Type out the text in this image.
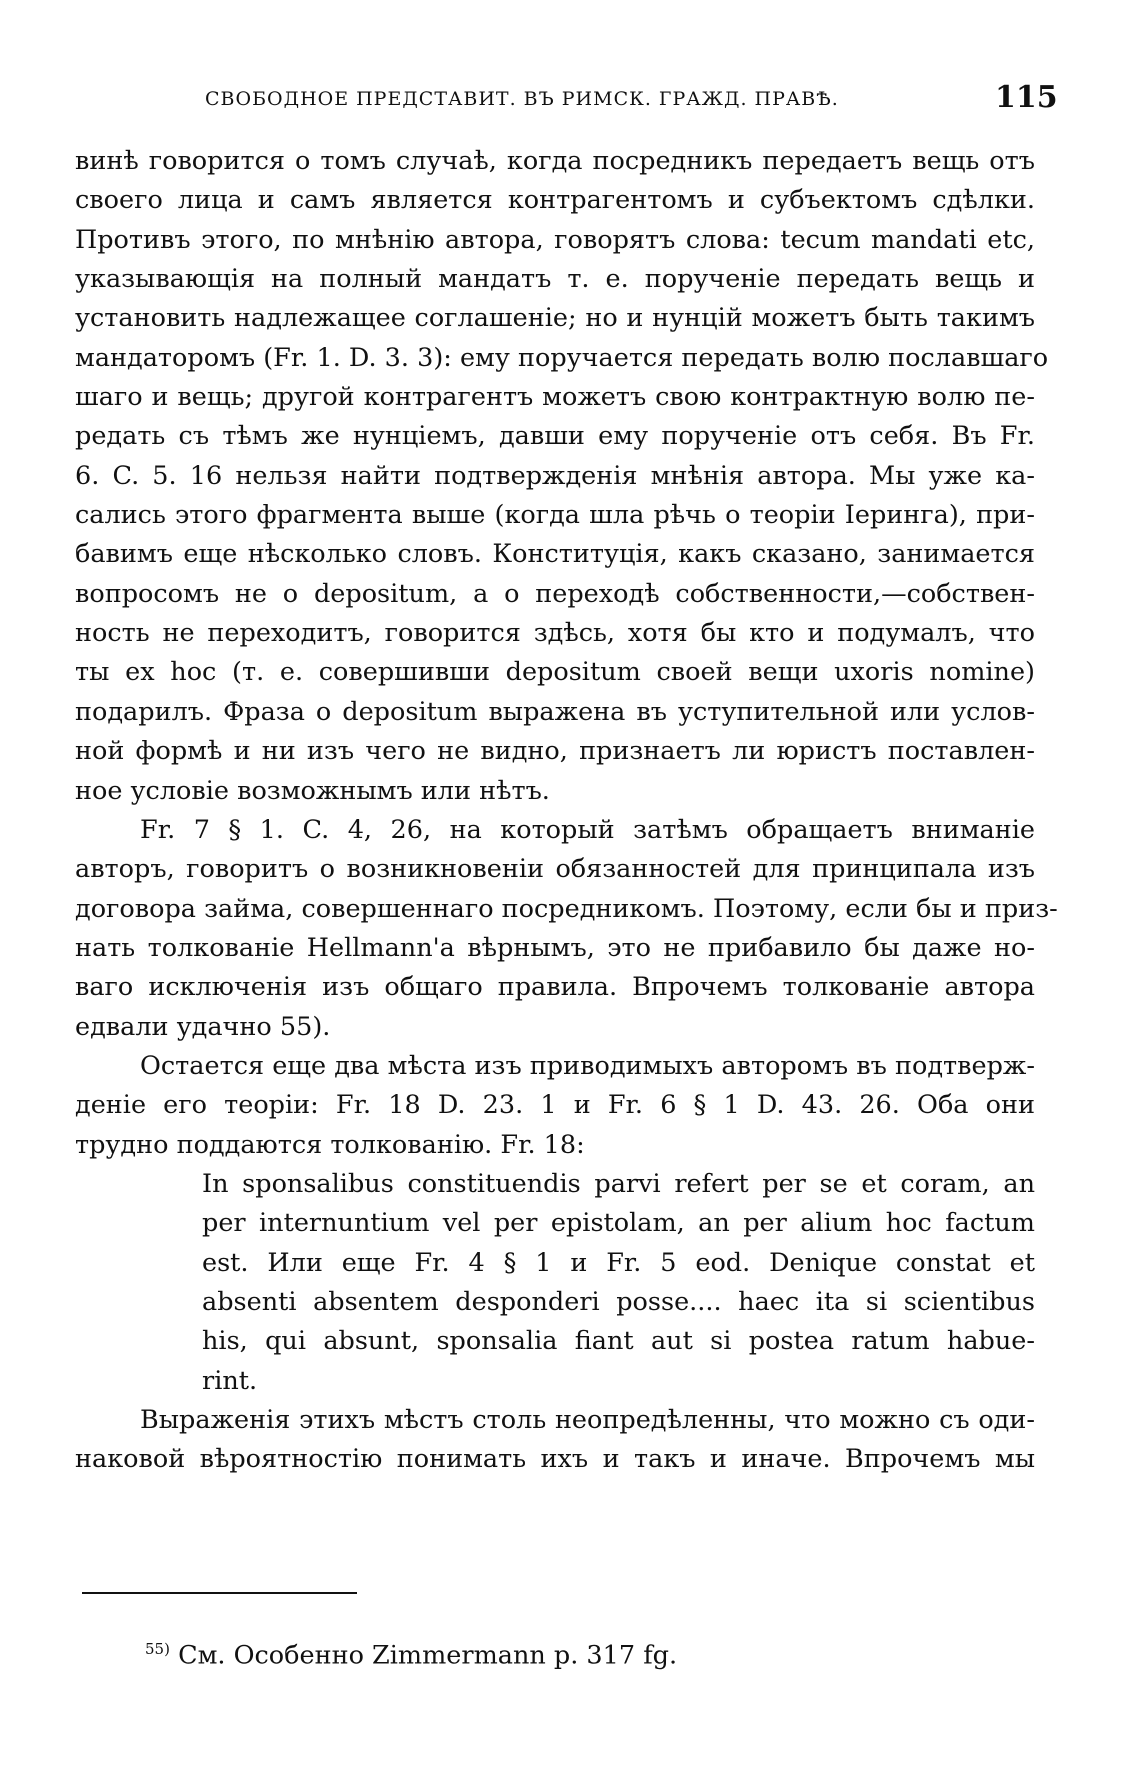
СВОБОДНОЕ ПРЕДСТАВИТ. ВЪ РИМСК. ГРАЖД. ПРАВѢ.	115
винѣ говорится о томъ случаѣ, когда посредникъ передаетъ вещь отъ
своего лица и самъ является контрагентомъ и субъектомъ сдѣлки.
Противъ этого, по мнѣнію автора, говорятъ слова: tecum mandati etc,
указывающія на полный мандатъ т. е. порученіе передать вещь и
установить надлежащее соглашеніе; но и нунцій можетъ быть такимъ
мандаторомъ (Fr. 1. D. 3. 3): ему поручается передать волю пославшаго
шаго и вещь; другой контрагентъ можетъ свою контрактную волю пе-
редать съ тѣмъ же нунціемъ, давши ему порученіе отъ себя. Въ Fr.
6. C. 5. 16 нельзя найти подтвержденія мнѣнія автора. Мы уже ка-
сались этого фрагмента выше (когда шла рѣчь о теоріи Іеринга), при-
бавимъ еще нѣсколько словъ. Конституція, какъ сказано, занимается
вопросомъ не о depositum, а о переходѣ собственности,—собствен-
ность не переходитъ, говорится здѣсь, хотя бы кто и подумалъ, что
ты ex hoc (т. е. совершивши depositum своей вещи uxoris nomine)
подарилъ. Фраза о depositum выражена въ уступительной или услов-
ной формѣ и ни изъ чего не видно, признаетъ ли юристъ поставлен-
ное условіе возможнымъ или нѣтъ.
Fr. 7 § 1. C. 4, 26, на который затѣмъ обращаетъ вниманіе
авторъ, говоритъ о возникновеніи обязанностей для принципала изъ
договора займа, совершеннаго посредникомъ. Поэтому, если бы и приз-
нать толкованіе Hellmann'a вѣрнымъ, это не прибавило бы даже но-
ваго исключенія изъ общаго правила. Впрочемъ толкованіе автора
едвали удачно 55).
Остается еще два мѣста изъ приводимыхъ авторомъ въ подтверж-
деніе его теоріи: Fr. 18 D. 23. 1 и Fr. 6 § 1 D. 43. 26. Оба они
трудно поддаются толкованію. Fr. 18:
In sponsalibus constituendis parvi refert per se et coram, an
per internuntium vel per epistolam, an per alium hoc factum
est. Или еще Fr. 4 § 1 и Fr. 5 eod. Denique constat et
absenti absentem desponderi posse.... haec ita si scientibus
his, qui absunt, sponsalia fiant aut si postea ratum habue-
rint.
Выраженія этихъ мѣстъ столь неопредѣленны, что можно съ оди-
наковой вѣроятностію понимать ихъ и такъ и иначе. Впрочемъ мы
$^{55)}$ См. Особенно Zimmermann p. 317 fg.
